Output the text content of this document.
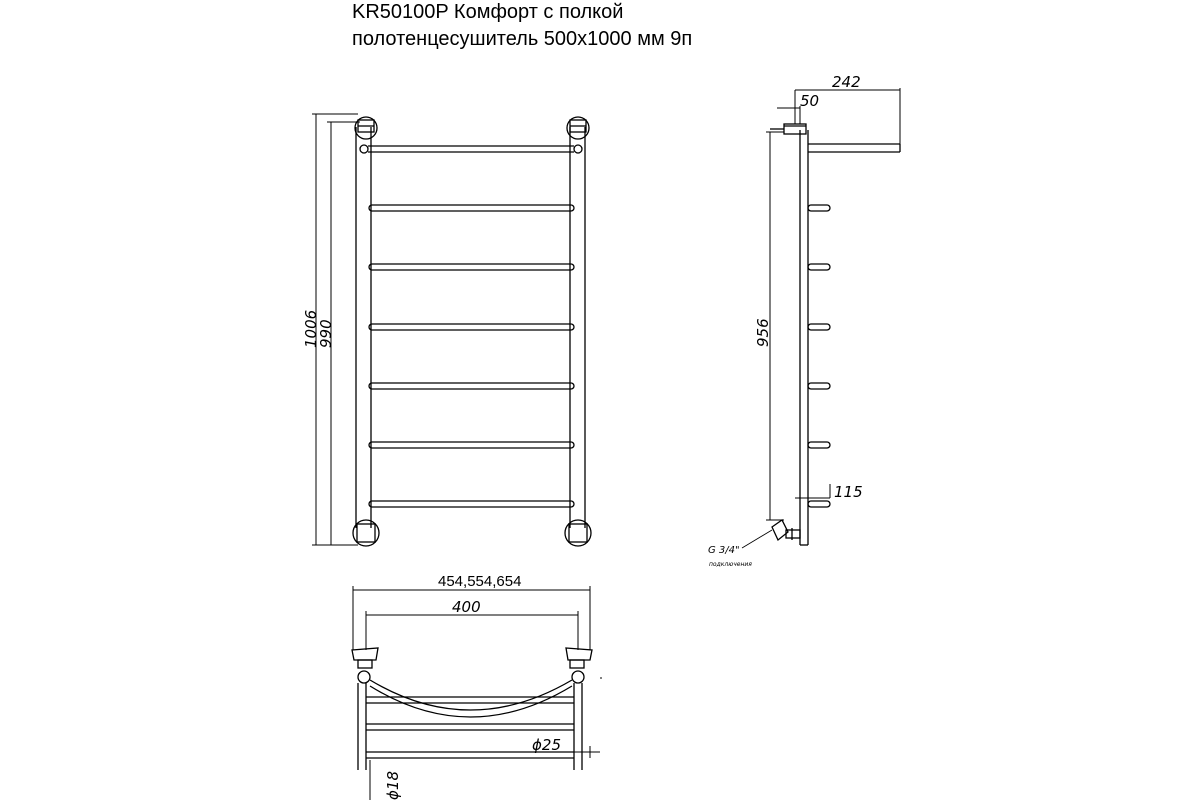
KR50100P Комфорт с полкой
полотенцесушитель 500x1000 мм 9п
1006
990
242
50
956
115
G 3/4"
подключения
454,554,654
400
ϕ25
ϕ18
